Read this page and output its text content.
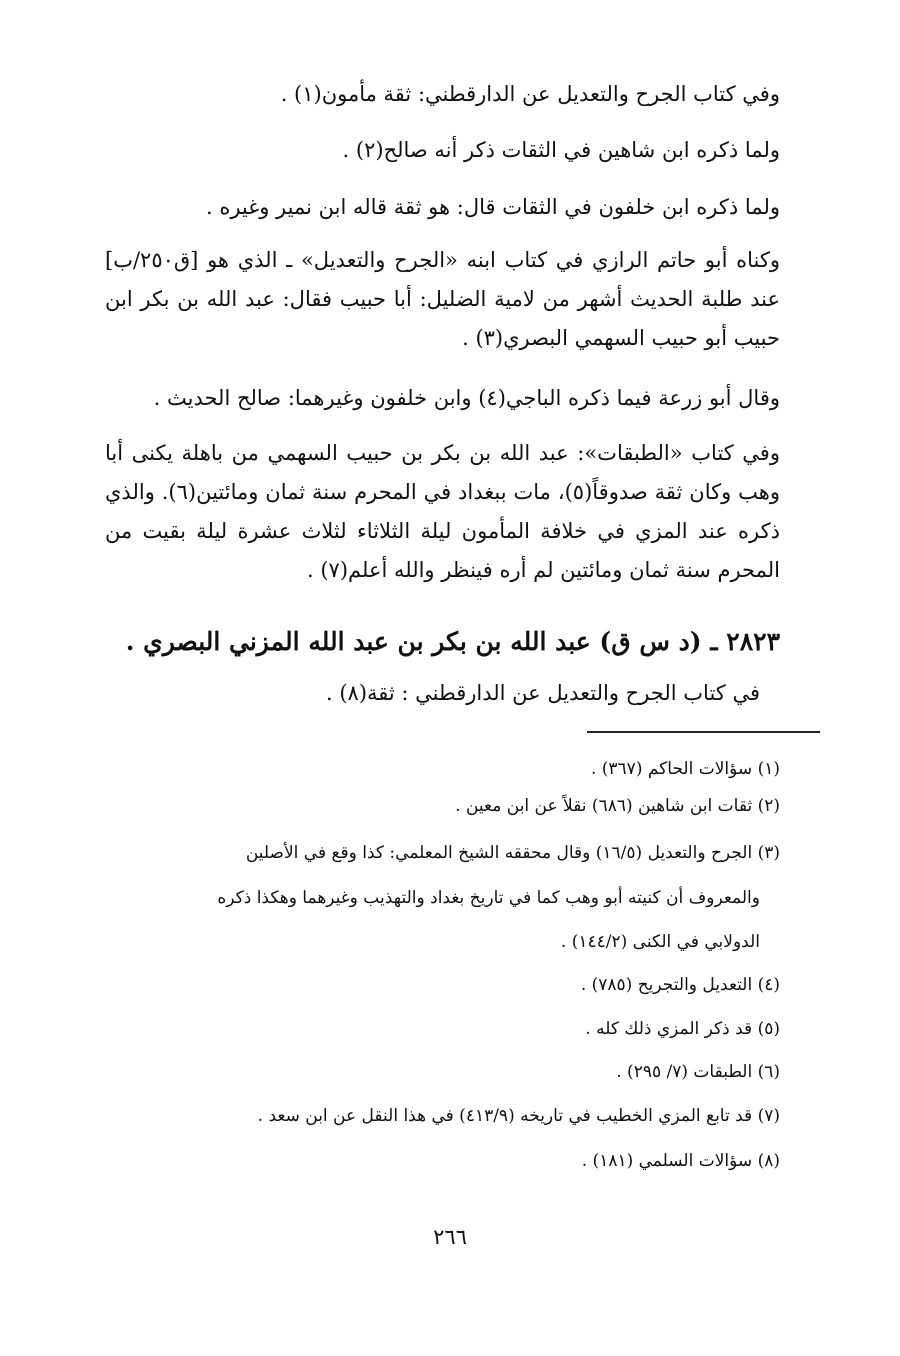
وفي كتاب الجرح والتعديل عن الدارقطني: ثقة مأمون(١) .

ولما ذكره ابن شاهين في الثقات ذكر أنه صالح(٢) .

ولما ذكره ابن خلفون في الثقات قال: هو ثقة قاله ابن نمير وغيره .

وكناه أبو حاتم الرازي في كتاب ابنه «الجرح والتعديل» ـ الذي هو [ق٢٥٠/ب] عند طلبة الحديث أشهر من لامية الضليل: أبا حبيب فقال: عبد الله بن بكر ابن حبيب أبو حبيب السهمي البصري(٣) .

وقال أبو زرعة فيما ذكره الباجي(٤) وابن خلفون وغيرهما: صالح الحديث .

وفي كتاب «الطبقات»: عبد الله بن بكر بن حبيب السهمي من باهلة يكنى أبا وهب وكان ثقة صدوقاً(٥)، مات ببغداد في المحرم سنة ثمان ومائتين(٦). والذي ذكره عند المزي في خلافة المأمون ليلة الثلاثاء لثلاث عشرة ليلة بقيت من المحرم سنة ثمان ومائتين لم أره فينظر والله أعلم(٧) .

٢٨٢٣ ـ (د س ق) عبد الله بن بكر بن عبد الله المزني البصري .

في كتاب الجرح والتعديل عن الدارقطني : ثقة(٨) .

(١) سؤالات الحاكم (٣٦٧) .

(٢) ثقات ابن شاهين (٦٨٦) نقلاً عن ابن معين .

(٣) الجرح والتعديل (١٦/٥) وقال محققه الشيخ المعلمي: كذا وقع في الأصلين

والمعروف أن كنيته أبو وهب كما في تاريخ بغداد والتهذيب وغيرهما وهكذا ذكره

الدولابي في الكنى (١٤٤/٢) .

(٤) التعديل والتجريح (٧٨٥) .

(٥) قد ذكر المزي ذلك كله .

(٦) الطبقات (٧/ ٢٩٥) .

(٧) قد تابع المزي الخطيب في تاريخه (٤١٣/٩) في هذا النقل عن ابن سعد .

(٨) سؤالات السلمي (١٨١) .

٢٦٦
